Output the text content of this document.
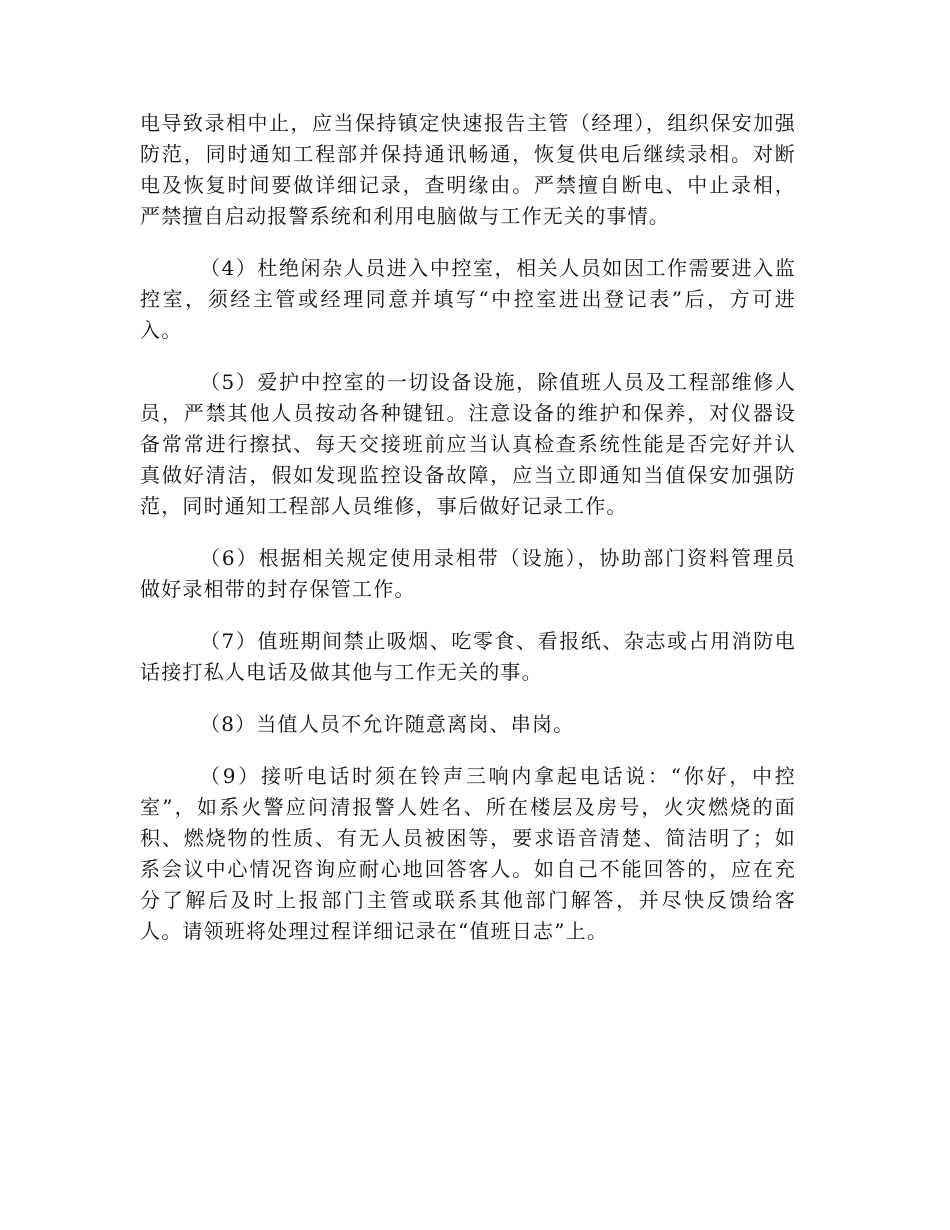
电导致录相中止，应当保持镇定快速报告主管（经理），组织保安加强防范，同时通知工程部并保持通讯畅通，恢复供电后继续录相。对断电及恢复时间要做详细记录，查明缘由。严禁擅自断电、中止录相，严禁擅自启动报警系统和利用电脑做与工作无关的事情。

（4）杜绝闲杂人员进入中控室，相关人员如因工作需要进入监控室，须经主管或经理同意并填写“中控室进出登记表”后，方可进入。

（5）爱护中控室的一切设备设施，除值班人员及工程部维修人员，严禁其他人员按动各种键钮。注意设备的维护和保养，对仪器设备常常进行擦拭、每天交接班前应当认真检查系统性能是否完好并认真做好清洁，假如发现监控设备故障，应当立即通知当值保安加强防范，同时通知工程部人员维修，事后做好记录工作。

（6）根据相关规定使用录相带（设施），协助部门资料管理员做好录相带的封存保管工作。

（7）值班期间禁止吸烟、吃零食、看报纸、杂志或占用消防电话接打私人电话及做其他与工作无关的事。

（8）当值人员不允许随意离岗、串岗。

（9）接听电话时须在铃声三响内拿起电话说：“你好，中控室”，如系火警应问清报警人姓名、所在楼层及房号，火灾燃烧的面积、燃烧物的性质、有无人员被困等，要求语音清楚、简洁明了；如系会议中心情况咨询应耐心地回答客人。如自己不能回答的，应在充分了解后及时上报部门主管或联系其他部门解答，并尽快反馈给客人。请领班将处理过程详细记录在“值班日志”上。
